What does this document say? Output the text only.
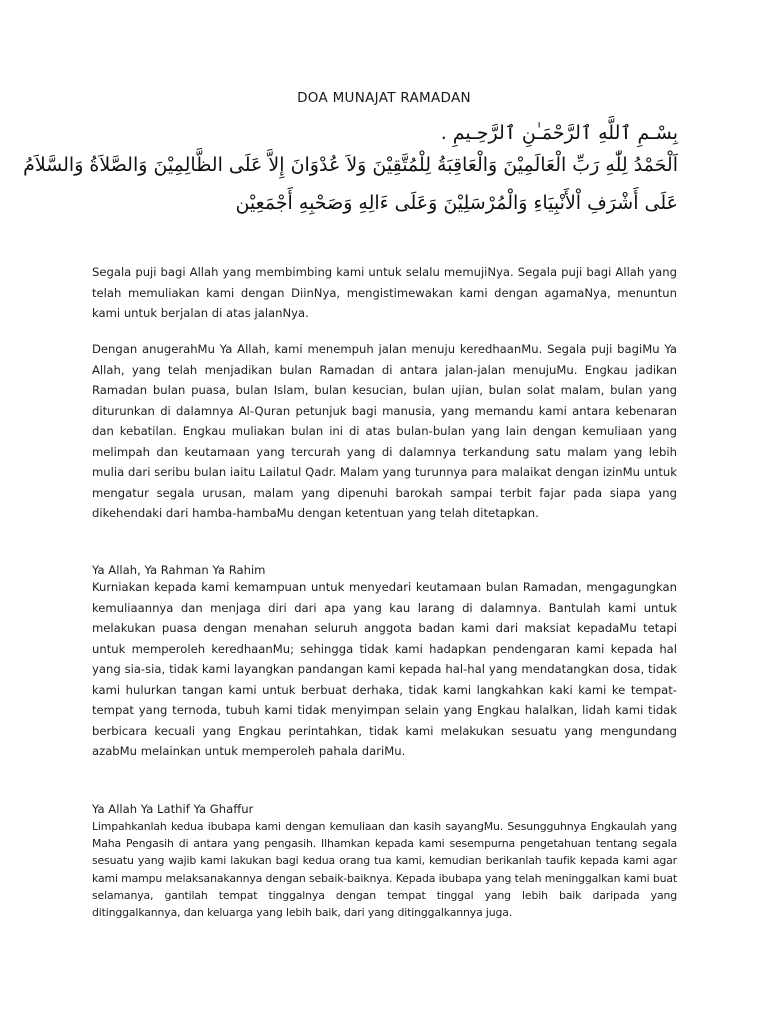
DOA MUNAJAT RAMADAN
بِسْـمِ ٱللَّهِ ٱلرَّحْمَـٰنِ ٱلرَّحِـيمِ .
اَلْحَمْدُ لِلّٰهِ رَبِّ الْعَالَمِيْنَ وَالْعَاقِبَةُ لِلْمُتَّقِيْنَ وَلاَ عُدْوَانَ إِلاَّ عَلَى الظَّالِمِيْنَ وَالصَّلاَةُ وَالسَّلاَمُ
عَلَى أَشْرَفِ اْلأَنْبِيَاءِ وَالْمُرْسَلِيْنَ وَعَلَى ءَالِهِ وَصَحْبِهِ أَجْمَعِيْن

Segala puji bagi Allah yang membimbing kami untuk selalu memujiNya. Segala puji bagi Allah yang telah memuliakan kami dengan DiinNya, mengistimewakan kami dengan agamaNya, menuntun kami untuk berjalan di atas jalanNya.

Dengan anugerahMu Ya Allah, kami menempuh jalan menuju keredhaanMu. Segala puji bagiMu Ya Allah, yang telah menjadikan bulan Ramadan di antara jalan-jalan menujuMu. Engkau jadikan Ramadan bulan puasa, bulan Islam, bulan kesucian, bulan ujian, bulan solat malam, bulan yang diturunkan di dalamnya Al-Quran petunjuk bagi manusia, yang memandu kami antara kebenaran dan kebatilan. Engkau muliakan bulan ini di atas bulan-bulan yang lain dengan kemuliaan yang melimpah dan keutamaan yang tercurah yang di dalamnya terkandung satu malam yang lebih mulia dari seribu bulan iaitu Lailatul Qadr. Malam yang turunnya para malaikat dengan izinMu untuk mengatur segala urusan, malam yang dipenuhi barokah sampai terbit fajar pada siapa yang dikehendaki dari hamba-hambaMu dengan ketentuan yang telah ditetapkan.

Ya Allah, Ya Rahman Ya Rahim

Kurniakan kepada kami kemampuan untuk menyedari keutamaan bulan Ramadan, mengagungkan kemuliaannya dan menjaga diri dari apa yang kau larang di dalamnya. Bantulah kami untuk melakukan puasa dengan menahan seluruh anggota badan kami dari maksiat kepadaMu tetapi untuk memperoleh keredhaanMu; sehingga tidak kami hadapkan pendengaran kami kepada hal yang sia-sia, tidak kami layangkan pandangan kami kepada hal-hal yang mendatangkan dosa, tidak kami hulurkan tangan kami untuk berbuat derhaka, tidak kami langkahkan kaki kami ke tempat-tempat yang ternoda, tubuh kami tidak menyimpan selain yang Engkau halalkan, lidah kami tidak berbicara kecuali yang Engkau perintahkan, tidak kami melakukan sesuatu yang mengundang azabMu melainkan untuk memperoleh pahala dariMu.

Ya Allah Ya Lathif Ya Ghaffur

Limpahkanlah kedua ibubapa kami dengan kemuliaan dan kasih sayangMu. Sesungguhnya Engkaulah yang Maha Pengasih di antara yang pengasih. Ilhamkan kepada kami sesempurna pengetahuan tentang segala sesuatu yang wajib kami lakukan bagi kedua orang tua kami, kemudian berikanlah taufik kepada kami agar kami mampu melaksanakannya dengan sebaik-baiknya. Kepada ibubapa yang telah meninggalkan kami buat selamanya, gantilah tempat tinggalnya dengan tempat tinggal yang lebih baik daripada yang ditinggalkannya, dan keluarga yang lebih baik, dari yang ditinggalkannya juga.
